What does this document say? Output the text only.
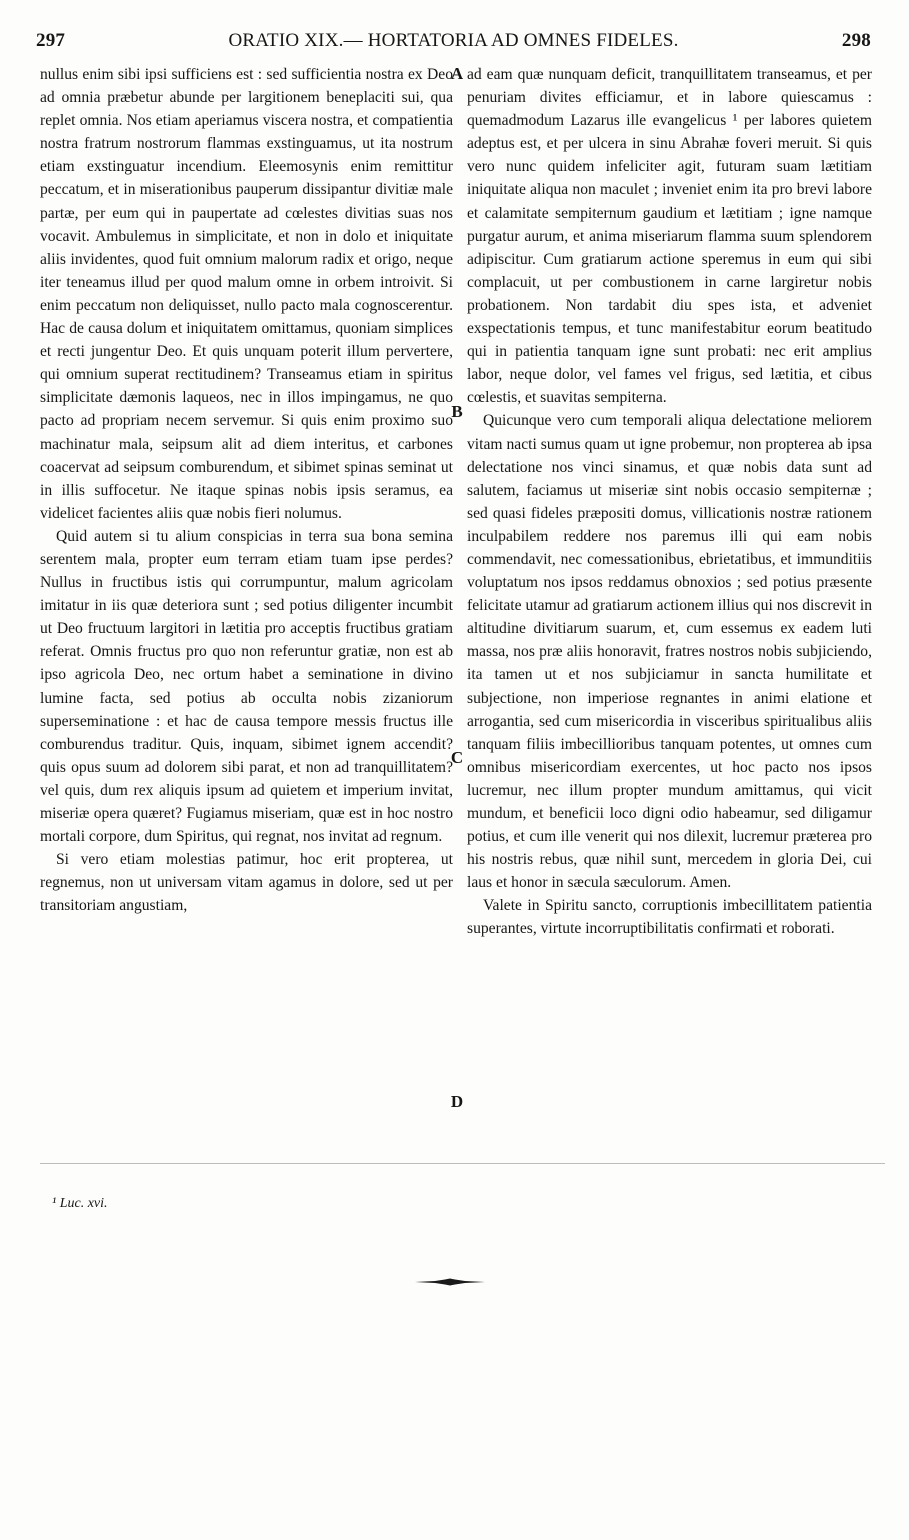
297	ORATIO XIX.— HORTATORIA AD OMNES FIDELES.	298

nullus enim sibi ipsi sufficiens est : sed sufficientia nostra ex Deo ad omnia præbetur abunde per largitionem beneplaciti sui, qua replet omnia. Nos etiam aperiamus viscera nostra, et compatientia nostra fratrum nostrorum flammas exstinguamus, ut ita nostrum etiam exstinguatur incendium. Eleemosynis enim remittitur peccatum, et in miserationibus pauperum dissipantur divitiæ male partæ, per eum qui in paupertate ad cœlestes divitias suas nos vocavit. Ambulemus in simplicitate, et non in dolo et iniquitate aliis invidentes, quod fuit omnium malorum radix et origo, neque iter teneamus illud per quod malum omne in orbem introivit. Si enim peccatum non deliquisset, nullo pacto mala cognoscerentur. Hac de causa dolum et iniquitatem omittamus, quoniam simplices et recti jungentur Deo. Et quis unquam poterit illum pervertere, qui omnium superat rectitudinem? Transeamus etiam in spiritus simplicitate dæmonis laqueos, nec in illos impingamus, ne quo pacto ad propriam necem servemur. Si quis enim proximo suo machinatur mala, seipsum alit ad diem interitus, et carbones coacervat ad seipsum comburendum, et sibimet spinas seminat ut in illis suffocetur. Ne itaque spinas nobis ipsis seramus, ea videlicet facientes aliis quæ nobis fieri nolumus.

Quid autem si tu alium conspicias in terra sua bona semina serentem mala, propter eum terram etiam tuam ipse perdes? Nullus in fructibus istis qui corrumpuntur, malum agricolam imitatur in iis quæ deteriora sunt ; sed potius diligenter incumbit ut Deo fructuum largitori in lætitia pro acceptis fructibus gratiam referat. Omnis fructus pro quo non referuntur gratiæ, non est ab ipso agricola Deo, nec ortum habet a seminatione in divino lumine facta, sed potius ab occulta nobis zizaniorum superseminatione : et hac de causa tempore messis fructus ille comburendus traditur. Quis, inquam, sibimet ignem accendit? quis opus suum ad dolorem sibi parat, et non ad tranquillitatem? vel quis, dum rex aliquis ipsum ad quietem et imperium invitat, miseriæ opera quæret? Fugiamus miseriam, quæ est in hoc nostro mortali corpore, dum Spiritus, qui regnat, nos invitat ad regnum.

Si vero etiam molestias patimur, hoc erit propterea, ut regnemus, non ut universam vitam agamus in dolore, sed ut per transitoriam angustiam,

A
B
C
D

ad eam quæ nunquam deficit, tranquillitatem transeamus, et per penuriam divites efficiamur, et in labore quiescamus : quemadmodum Lazarus ille evangelicus ¹ per labores quietem adeptus est, et per ulcera in sinu Abrahæ foveri meruit. Si quis vero nunc quidem infeliciter agit, futuram suam lætitiam iniquitate aliqua non maculet ; inveniet enim ita pro brevi labore et calamitate sempiternum gaudium et lætitiam ; igne namque purgatur aurum, et anima miseriarum flamma suum splendorem adipiscitur. Cum gratiarum actione speremus in eum qui sibi complacuit, ut per combustionem in carne largiretur nobis probationem. Non tardabit diu spes ista, et adveniet exspectationis tempus, et tunc manifestabitur eorum beatitudo qui in patientia tanquam igne sunt probati: nec erit amplius labor, neque dolor, vel fames vel frigus, sed lætitia, et cibus cœlestis, et suavitas sempiterna.

Quicunque vero cum temporali aliqua delectatione meliorem vitam nacti sumus quam ut igne probemur, non propterea ab ipsa delectatione nos vinci sinamus, et quæ nobis data sunt ad salutem, faciamus ut miseriæ sint nobis occasio sempiternæ ; sed quasi fideles præpositi domus, villicationis nostræ rationem inculpabilem reddere nos paremus illi qui eam nobis commendavit, nec comessationibus, ebrietatibus, et immunditiis voluptatum nos ipsos reddamus obnoxios ; sed potius præsente felicitate utamur ad gratiarum actionem illius qui nos discrevit in altitudine divitiarum suarum, et, cum essemus ex eadem luti massa, nos præ aliis honoravit, fratres nostros nobis subjiciendo, ita tamen ut et nos subjiciamur in sancta humilitate et subjectione, non imperiose regnantes in animi elatione et arrogantia, sed cum misericordia in visceribus spiritualibus aliis tanquam filiis imbecillioribus tanquam potentes, ut omnes cum omnibus misericordiam exercentes, ut hoc pacto nos ipsos lucremur, nec illum propter mundum amittamus, qui vicit mundum, et beneficii loco digni odio habeamur, sed diligamur potius, et cum ille venerit qui nos dilexit, lucremur præterea pro his nostris rebus, quæ nihil sunt, mercedem in gloria Dei, cui laus et honor in sæcula sæculorum. Amen.

Valete in Spiritu sancto, corruptionis imbecillitatem patientia superantes, virtute incorruptibilitatis confirmati et roborati.

¹ Luc. xvi.
